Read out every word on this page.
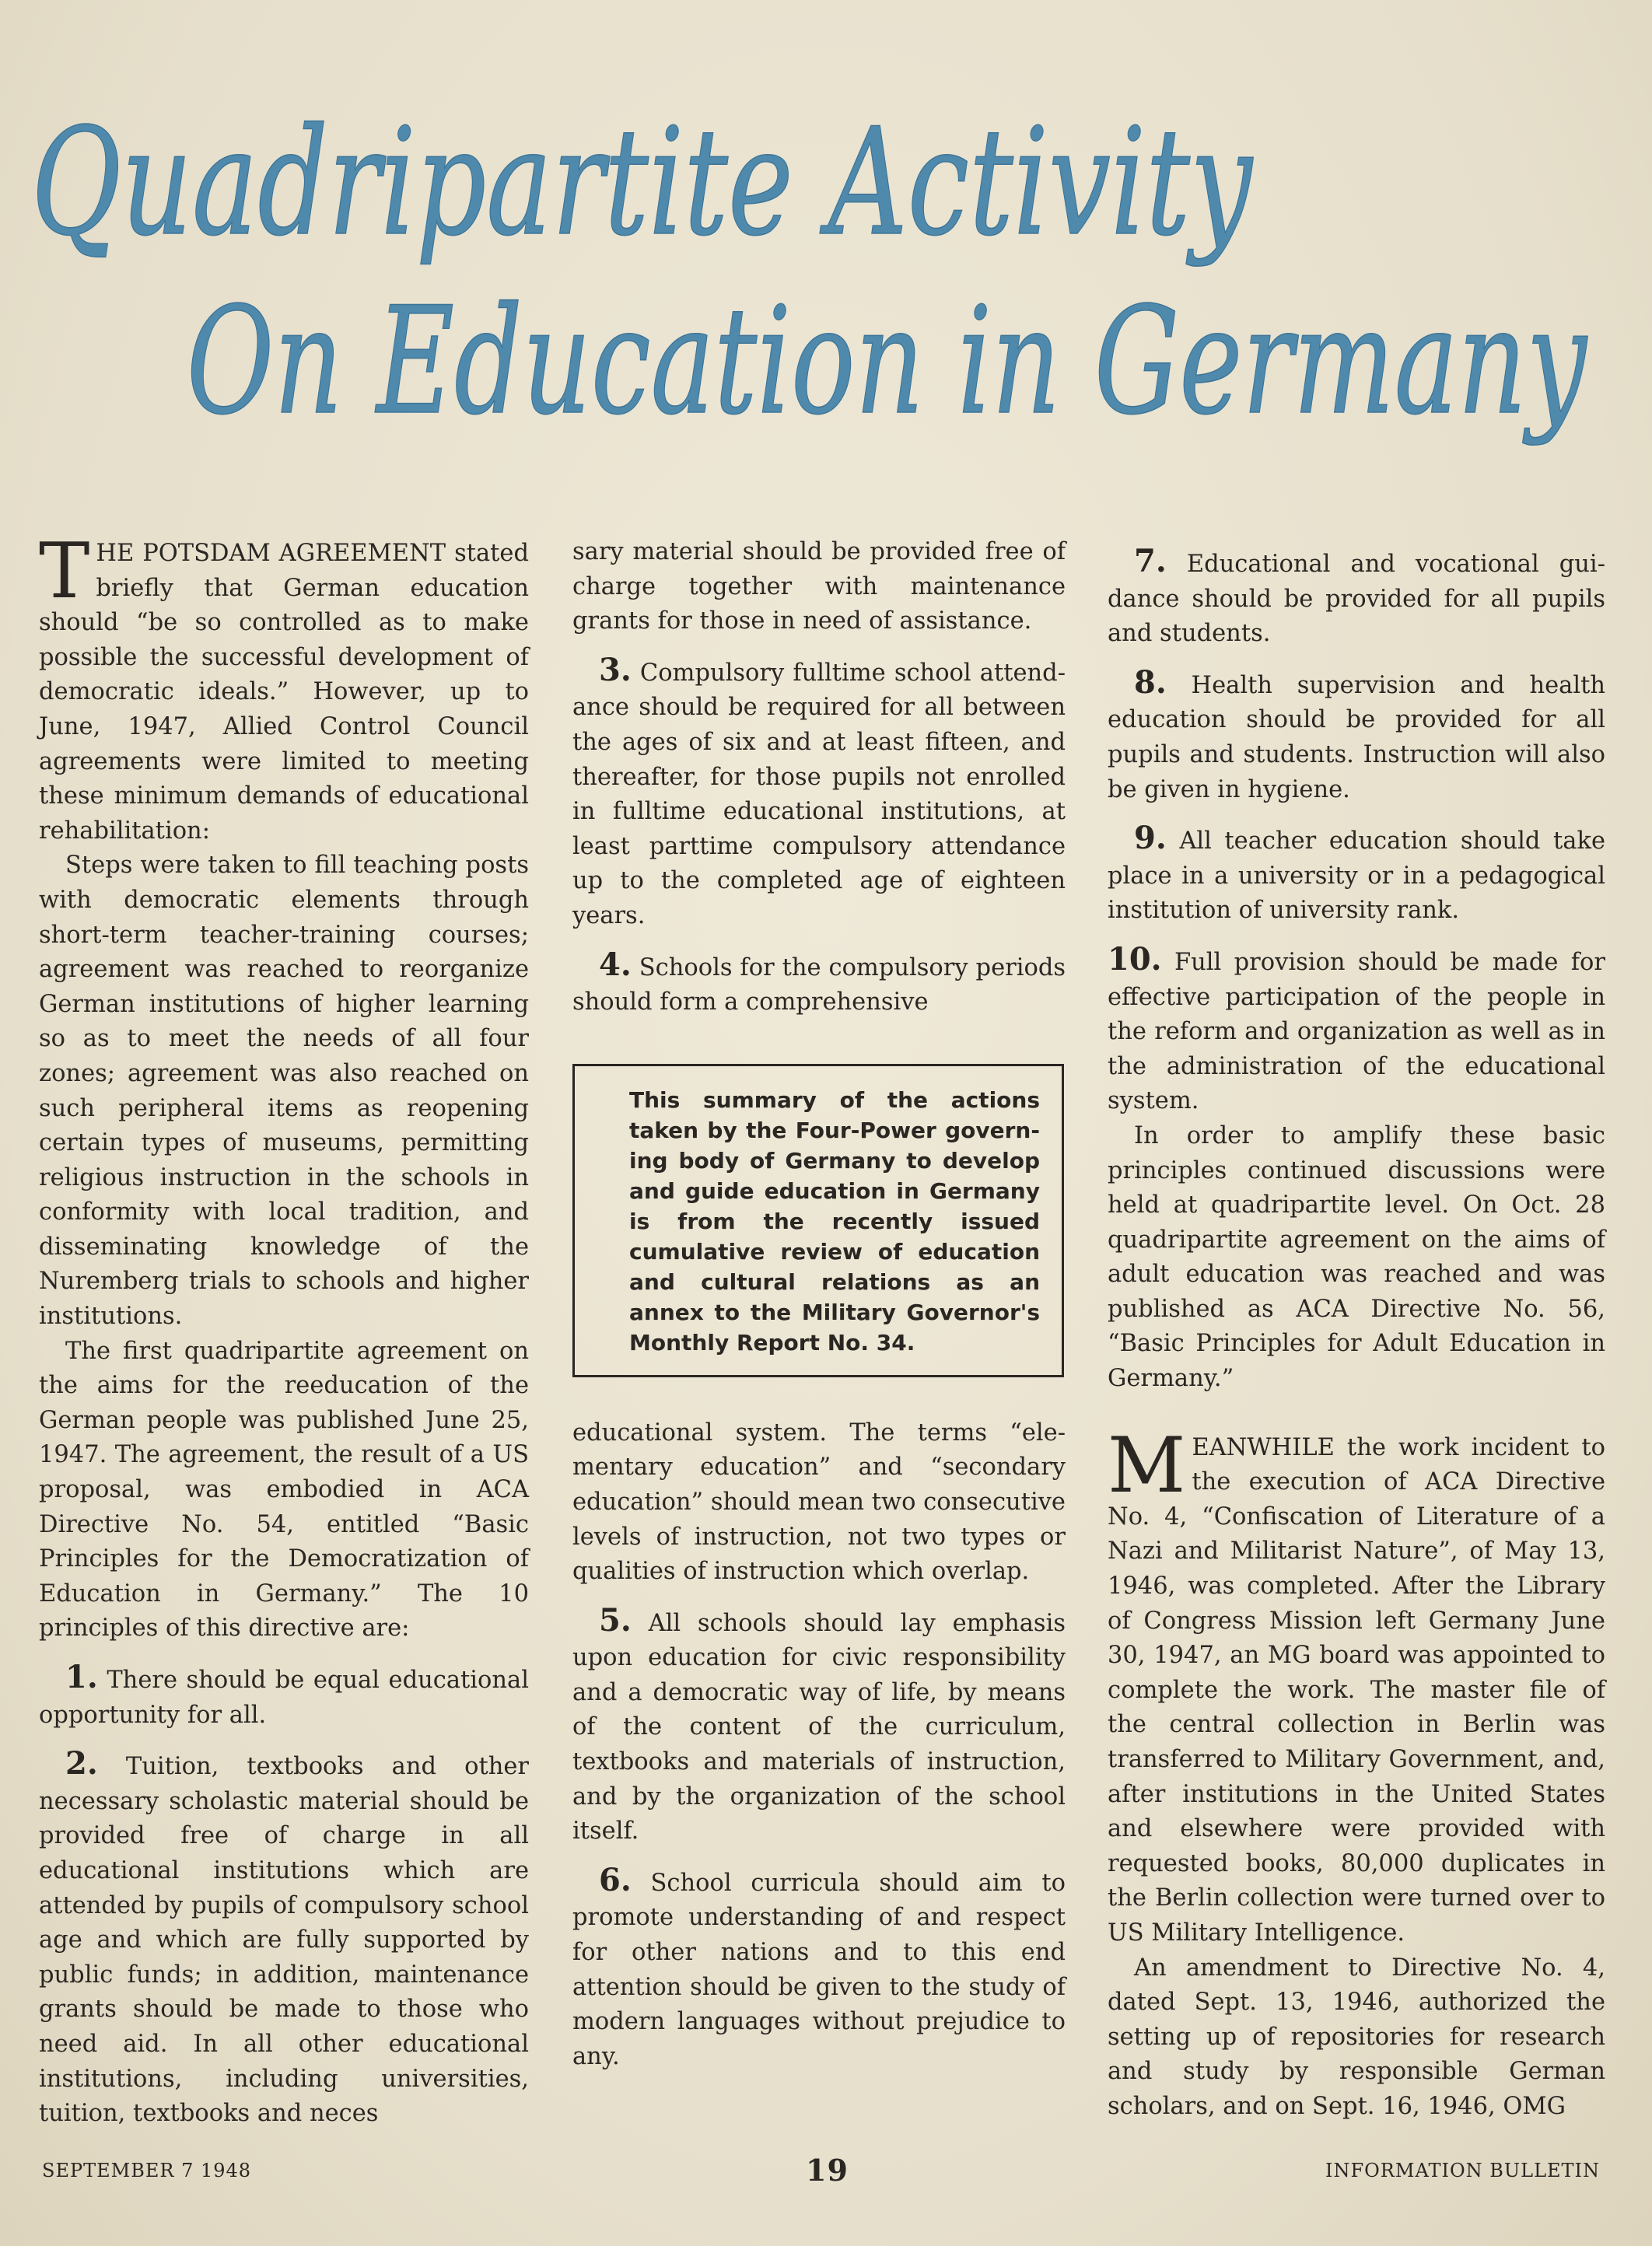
Quadripartite Activity
On Education in Germany

THE POTSDAM AGREEMENT stated briefly that German education should “be so controlled as to make possible the successful development of democratic ideals.” However, up to June, 1947, Allied Control Council agreements were limited to meeting these minimum demands of educational rehabilitation:

Steps were taken to fill teaching posts with democratic elements through short-term teacher-training courses; agreement was reached to reorganize German institutions of higher learning so as to meet the needs of all four zones; agreement was also reached on such peripheral items as reopening certain types of museums, permitting religious instruction in the schools in conformity with local tradition, and disseminating knowledge of the Nuremberg trials to schools and higher institutions.

The first quadripartite agreement on the aims for the reeducation of the German people was published June 25, 1947. The agreement, the result of a US proposal, was embodied in ACA Directive No. 54, entitled “Basic Principles for the Democratization of Education in Germany.” The 10 principles of this directive are:

1. There should be equal educational opportunity for all.

2. Tuition, textbooks and other necessary scholastic material should be provided free of charge in all educational institutions which are attended by pupils of compulsory school age and which are fully supported by public funds; in addition, maintenance grants should be made to those who need aid. In all other educational institutions, including universities, tuition, textbooks and neces

sary material should be provided free of charge together with maintenance grants for those in need of assistance.

3. Compulsory fulltime school attendance should be required for all between the ages of six and at least fifteen, and thereafter, for those pupils not enrolled in fulltime educational institutions, at least parttime compulsory attendance up to the completed age of eighteen years.

4. Schools for the compulsory periods should form a comprehensive

This summary of the actions taken by the Four-Power governing body of Germany to develop and guide education in Germany is from the recently issued cumulative review of education and cultural relations as an annex to the Military Governor's Monthly Report No. 34.

educational system. The terms “elementary education” and “secondary education” should mean two consecutive levels of instruction, not two types or qualities of instruction which overlap.

5. All schools should lay emphasis upon education for civic responsibility and a democratic way of life, by means of the content of the curriculum, textbooks and materials of instruction, and by the organization of the school itself.

6. School curricula should aim to promote understanding of and respect for other nations and to this end attention should be given to the study of modern languages without prejudice to any.

7. Educational and vocational guidance should be provided for all pupils and students.

8. Health supervision and health education should be provided for all pupils and students. Instruction will also be given in hygiene.

9. All teacher education should take place in a university or in a pedagogical institution of university rank.

10. Full provision should be made for effective participation of the people in the reform and organization as well as in the administration of the educational system.

In order to amplify these basic principles continued discussions were held at quadripartite level. On Oct. 28 quadripartite agreement on the aims of adult education was reached and was published as ACA Directive No. 56, “Basic Principles for Adult Education in Germany.”

MEANWHILE the work incident to the execution of ACA Directive No. 4, “Confiscation of Literature of a Nazi and Militarist Nature”, of May 13, 1946, was completed. After the Library of Congress Mission left Germany June 30, 1947, an MG board was appointed to complete the work. The master file of the central collection in Berlin was transferred to Military Government, and, after institutions in the United States and elsewhere were provided with requested books, 80,000 duplicates in the Berlin collection were turned over to US Military Intelligence.

An amendment to Directive No. 4, dated Sept. 13, 1946, authorized the setting up of repositories for research and study by responsible German scholars, and on Sept. 16, 1946, OMG

SEPTEMBER 7 1948	19	INFORMATION BULLETIN
